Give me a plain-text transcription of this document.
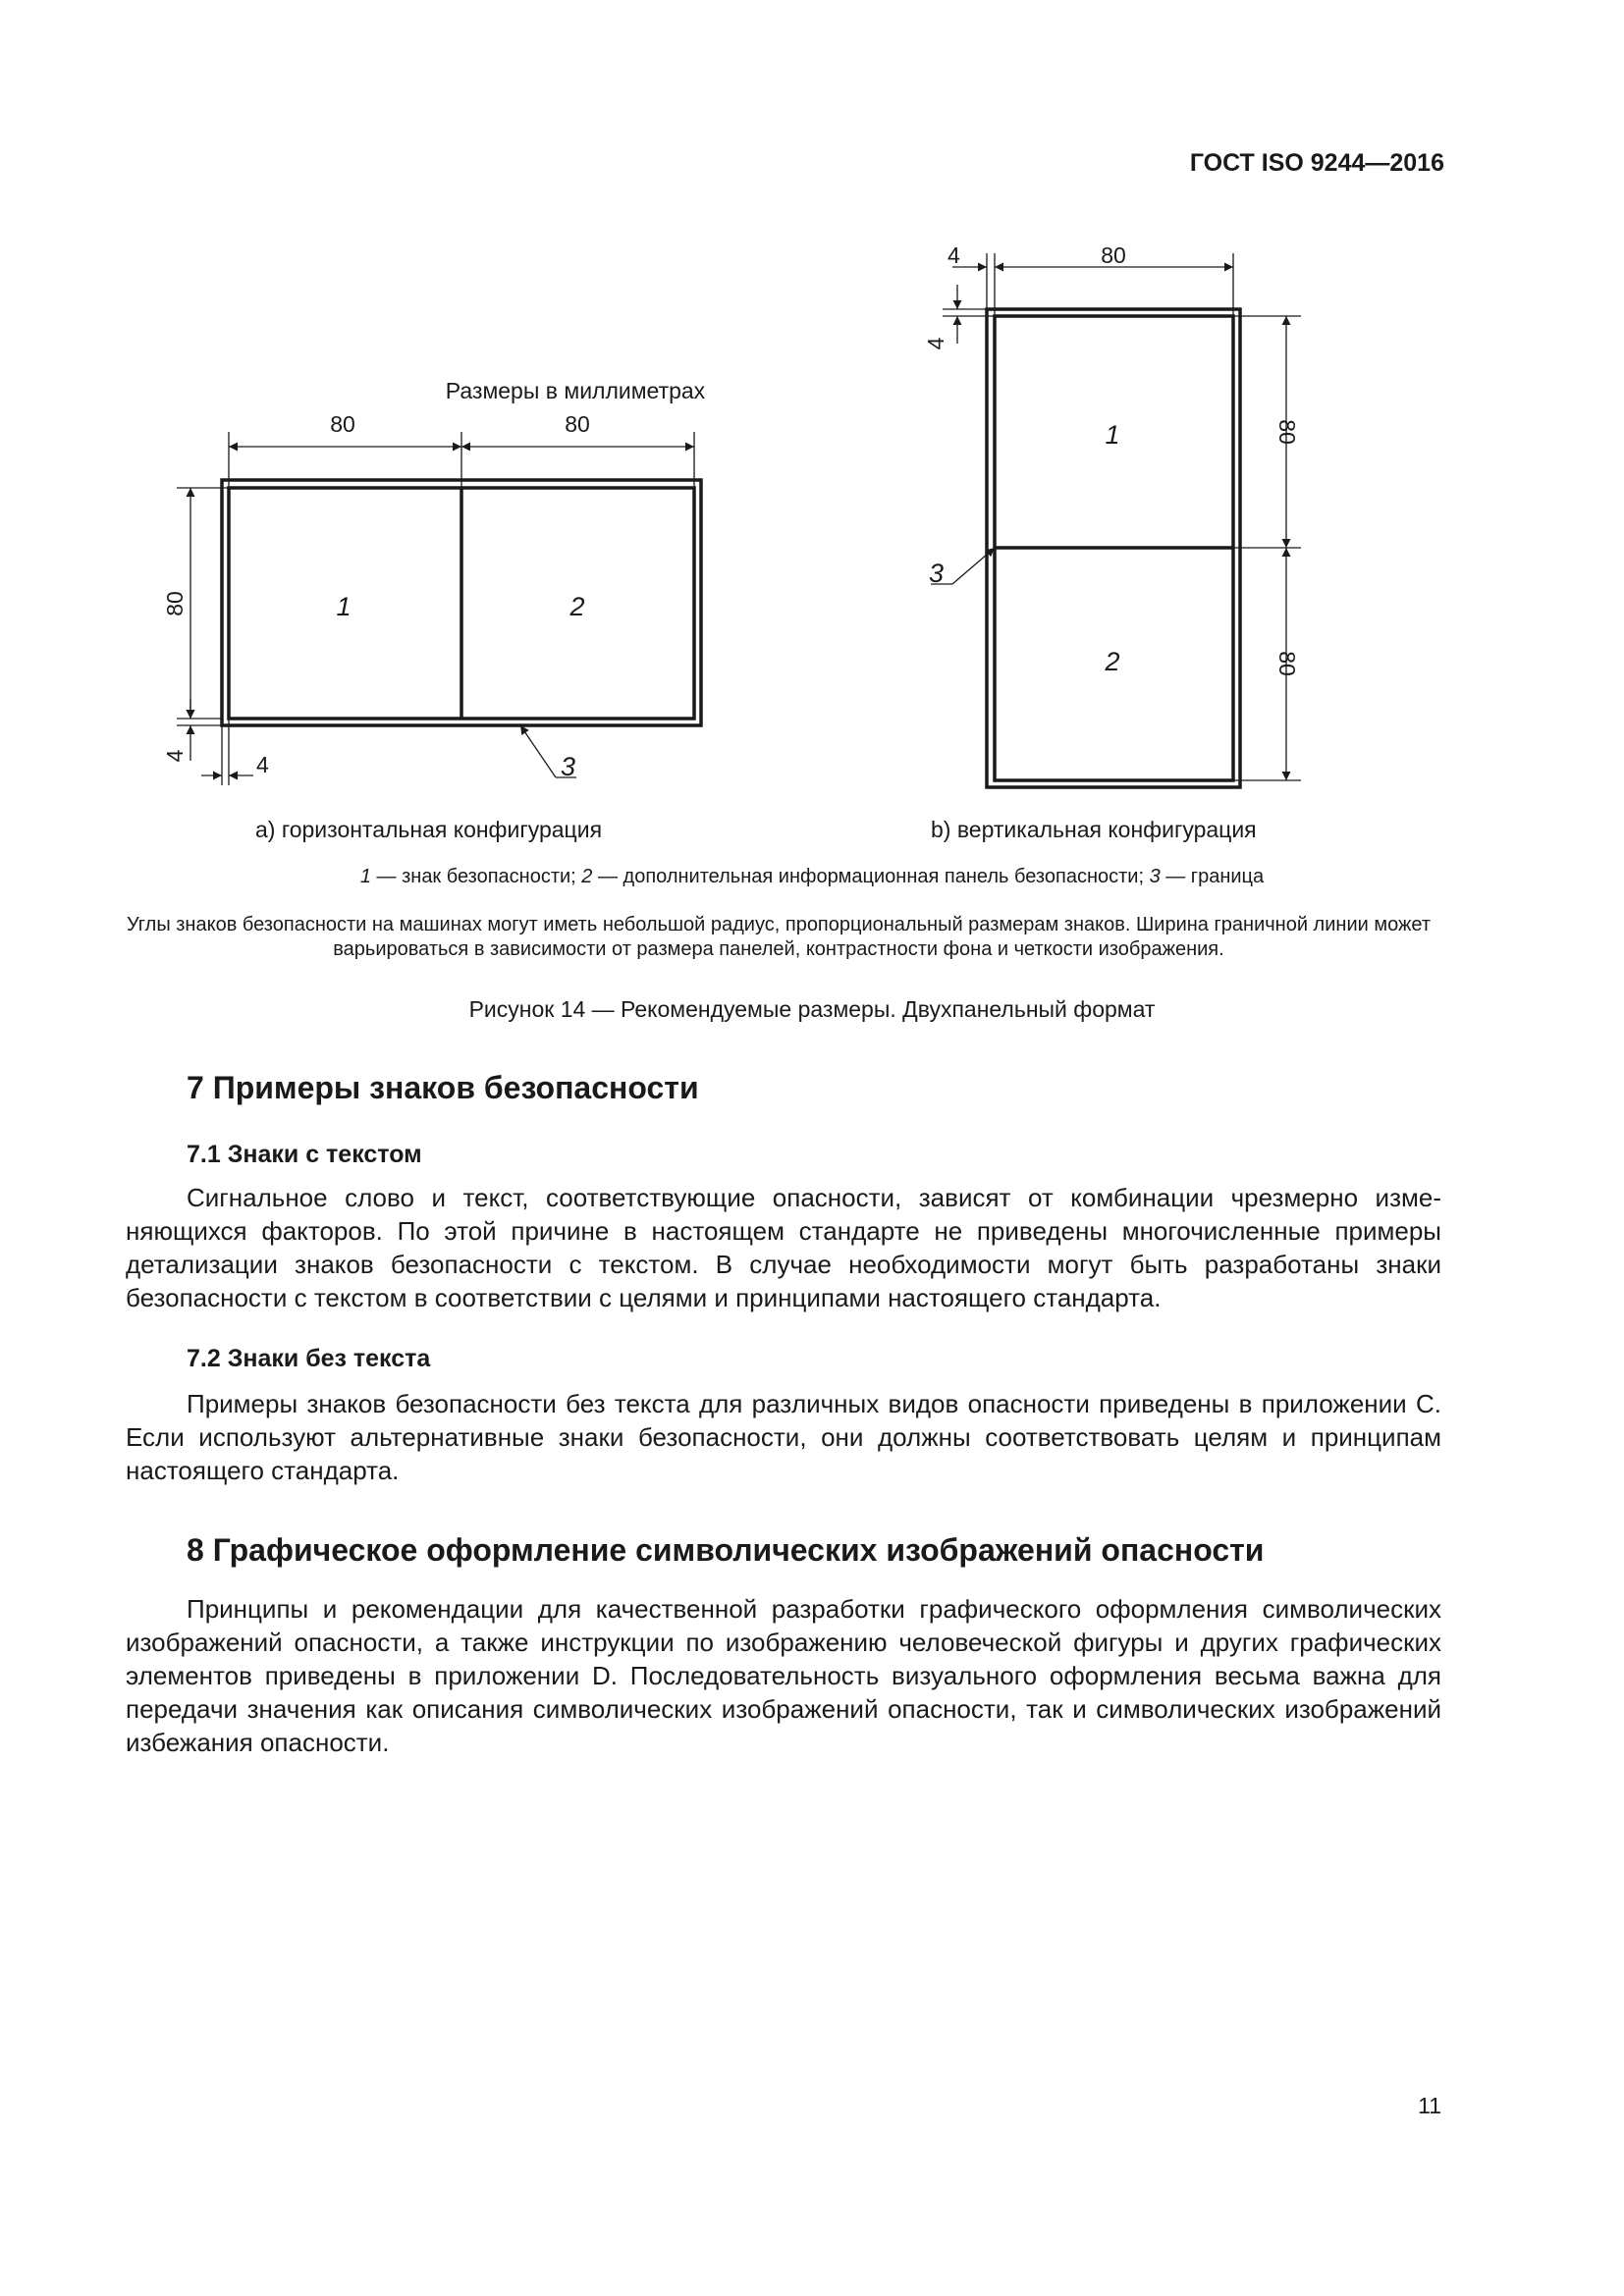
ГОСТ ISO 9244—2016
Размеры в миллиметрах
80	80
80
4	4
1	2
3
4	80
4
80
80
1
2
3
а) горизонтальная конфигурация	b) вертикальная конфигурация
1 — знак безопасности; 2 — дополнительная информационная панель безопасности; 3 — граница
Углы знаков безопасности на машинах могут иметь небольшой радиус, пропорциональный размерам знаков. Ширина граничной линии может варьироваться в зависимости от размера панелей, контрастности фона и четкости изображения.
Рисунок 14 — Рекомендуемые размеры. Двухпанельный формат
7 Примеры знаков безопасности
7.1 Знаки с текстом
Сигнальное слово и текст, соответствующие опасности, зависят от комбинации чрезмерно изменяющихся факторов. По этой причине в настоящем стандарте не приведены многочисленные примеры детализации знаков безопасности с текстом. В случае необходимости могут быть разработаны знаки безопасности с текстом в соответствии с целями и принципами настоящего стандарта.
7.2 Знаки без текста
Примеры знаков безопасности без текста для различных видов опасности приведены в приложении С. Если используют альтернативные знаки безопасности, они должны соответствовать целям и принципам настоящего стандарта.
8 Графическое оформление символических изображений опасности
Принципы и рекомендации для качественной разработки графического оформления символических изображений опасности, а также инструкции по изображению человеческой фигуры и других графических элементов приведены в приложении D. Последовательность визуального оформления весьма важна для передачи значения как описания символических изображений опасности, так и символических изображений избежания опасности.
11
